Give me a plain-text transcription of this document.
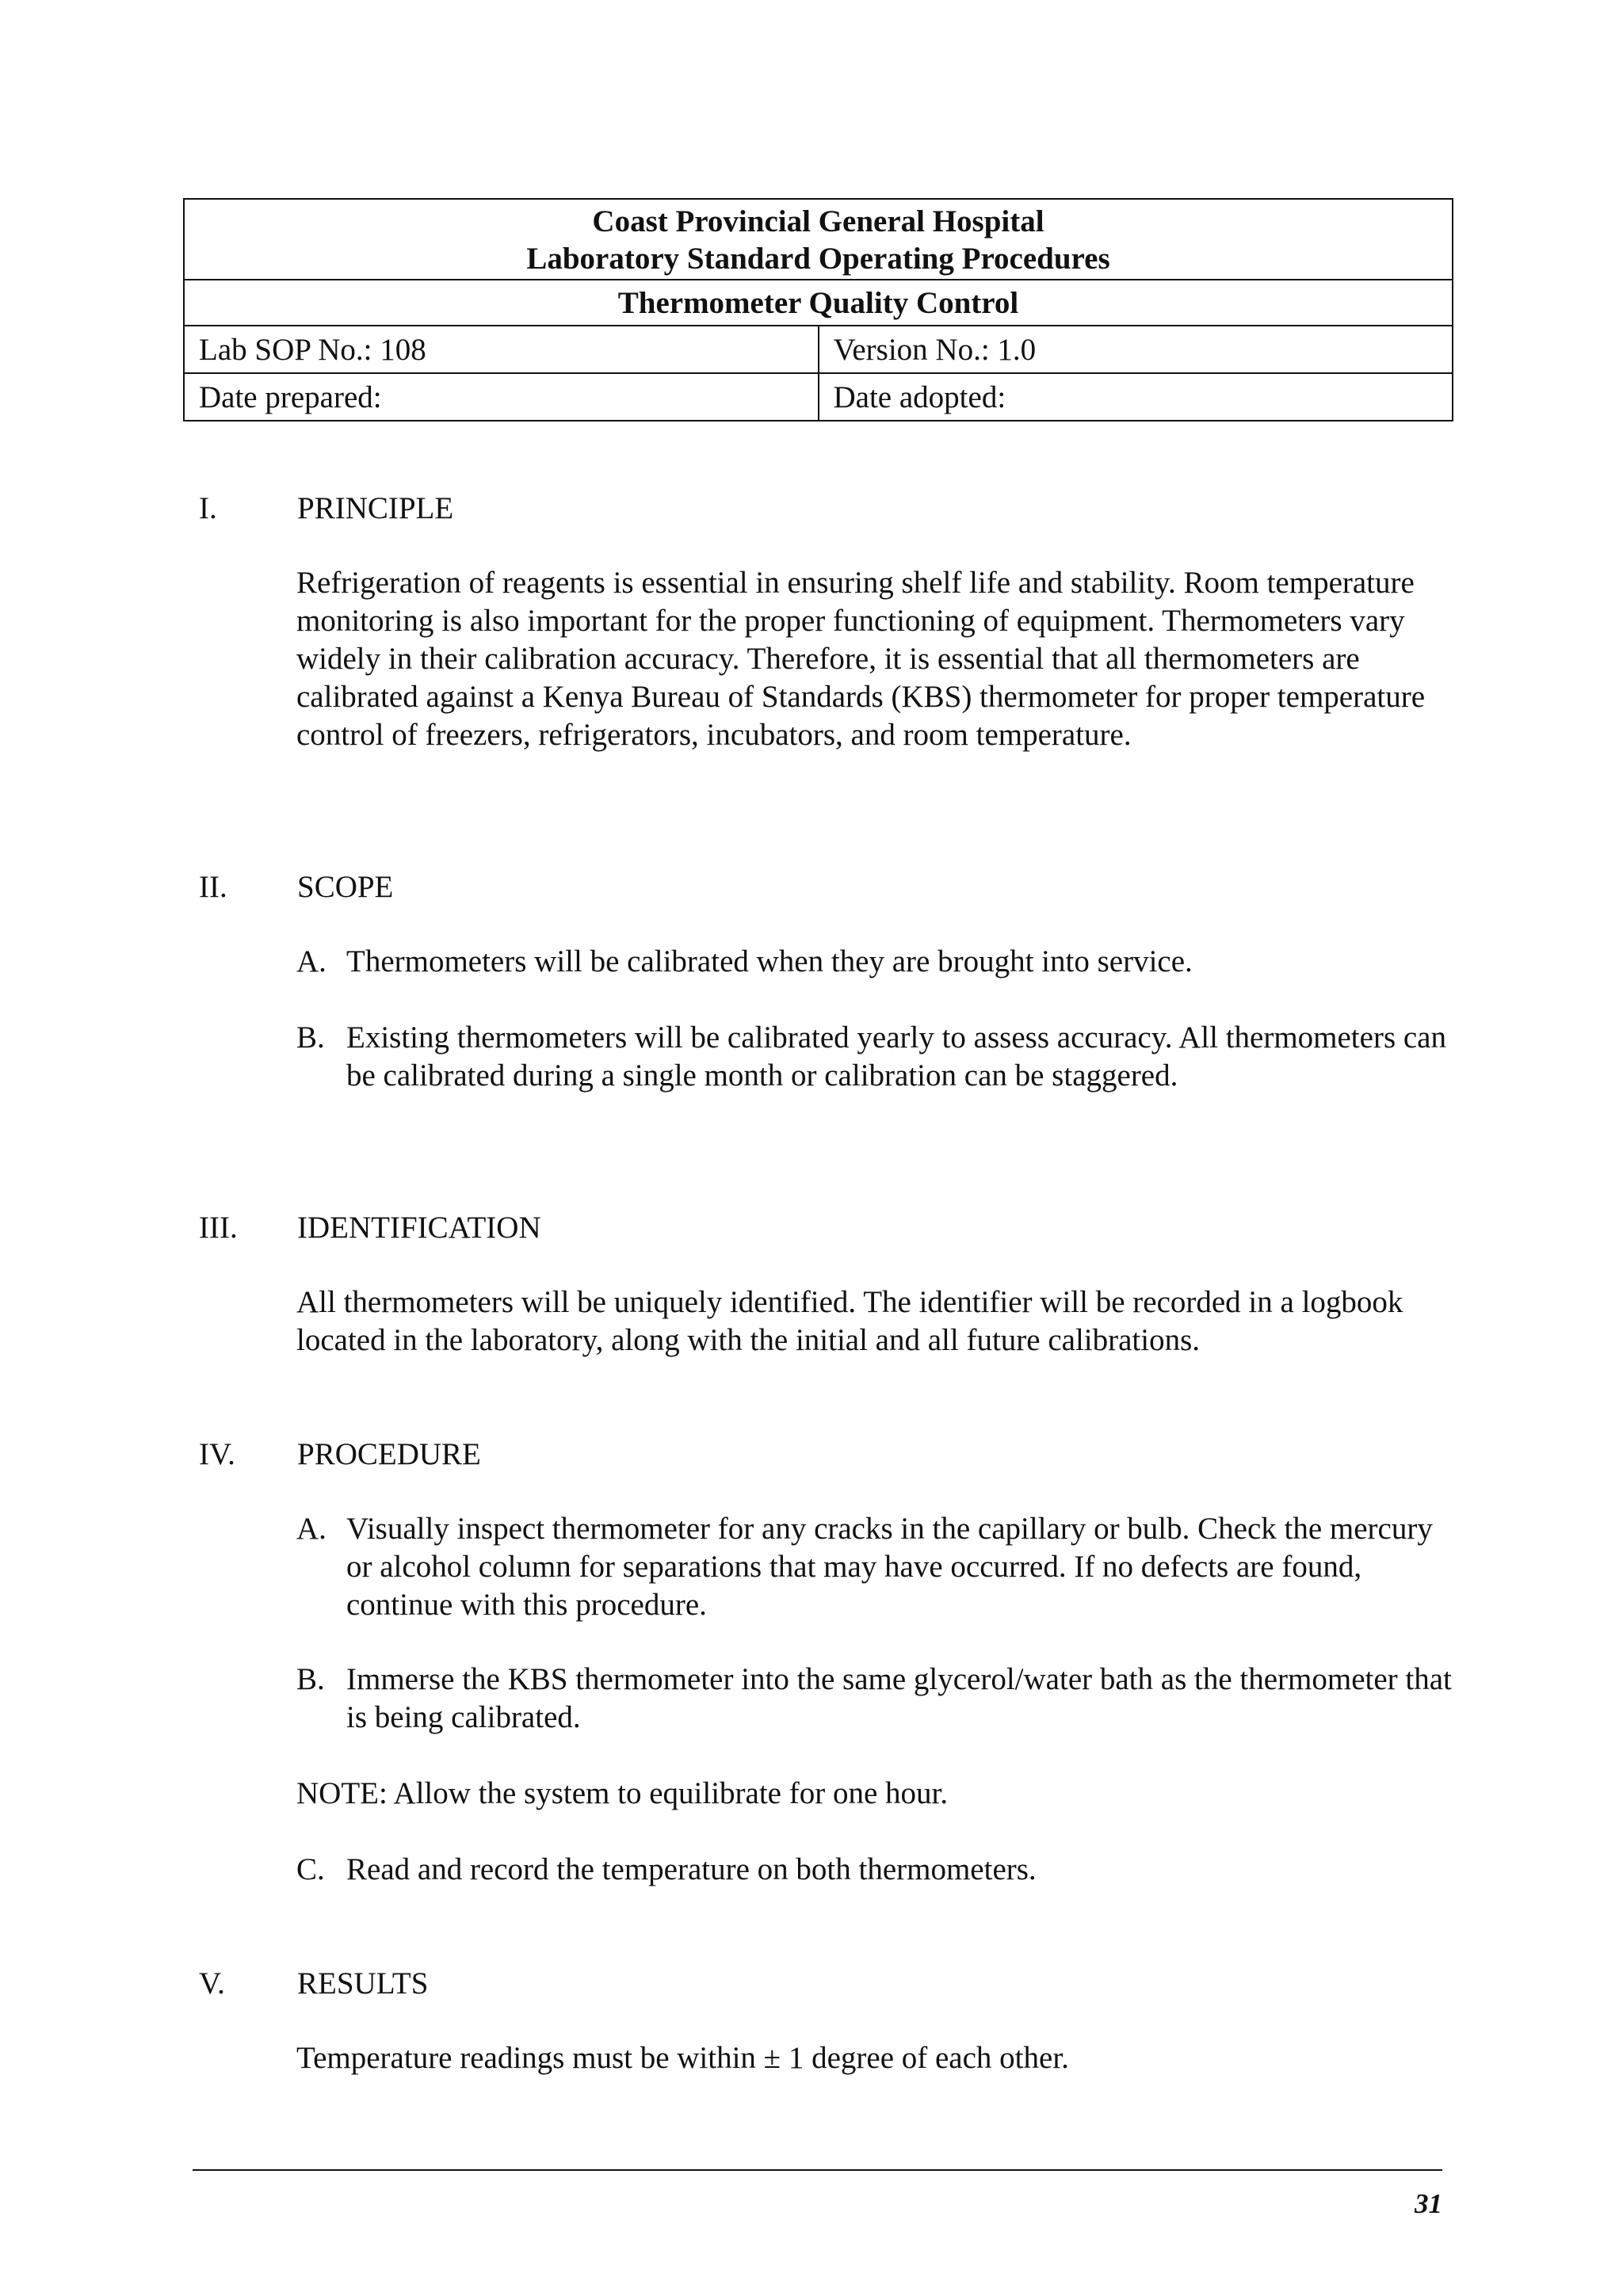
Coast Provincial General Hospital
Laboratory Standard Operating Procedures	

Thermometer Quality Control	
Lab SOP No.: 108	Version No.: 1.0
Date prepared:	Date adopted:
I.	PRINCIPLE
Refrigeration of reagents is essential in ensuring shelf life and stability. Room temperature monitoring is also important for the proper functioning of equipment. Thermometers vary widely in their calibration accuracy. Therefore, it is essential that all thermometers are calibrated against a Kenya Bureau of Standards (KBS) thermometer for proper temperature control of freezers, refrigerators, incubators, and room temperature.
II.	SCOPE
A. Thermometers will be calibrated when they are brought into service.
B. Existing thermometers will be calibrated yearly to assess accuracy. All thermometers can be calibrated during a single month or calibration can be staggered.
III.	IDENTIFICATION
All thermometers will be uniquely identified. The identifier will be recorded in a logbook located in the laboratory, along with the initial and all future calibrations.
IV.	PROCEDURE
A. Visually inspect thermometer for any cracks in the capillary or bulb. Check the mercury or alcohol column for separations that may have occurred. If no defects are found, continue with this procedure.
B. Immerse the KBS thermometer into the same glycerol/water bath as the thermometer that is being calibrated.
NOTE: Allow the system to equilibrate for one hour.
C. Read and record the temperature on both thermometers.
V.	RESULTS
Temperature readings must be within ± 1 degree of each other.
31
